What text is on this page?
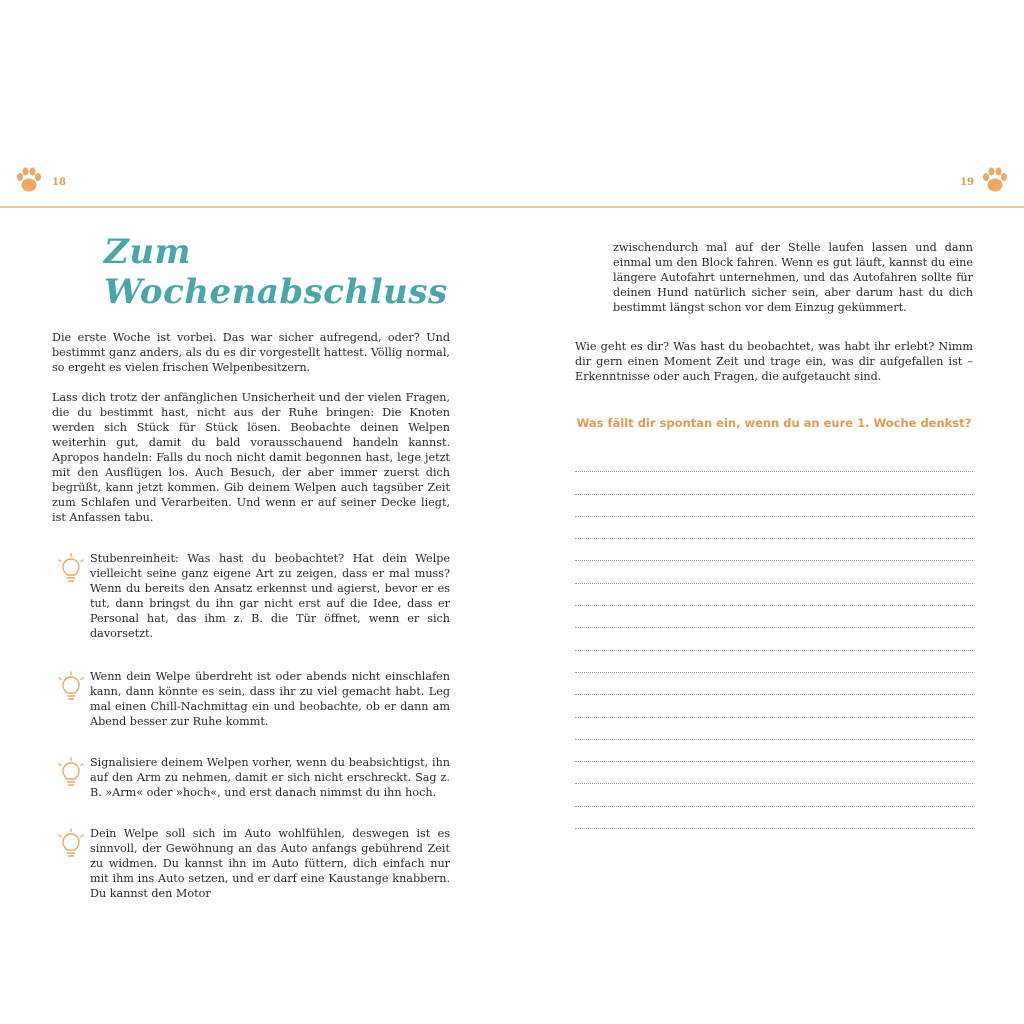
18	19
Zum Wochenabschluss

Die erste Woche ist vorbei. Das war sicher aufregend, oder? Und bestimmt ganz anders, als du es dir vorgestellt hattest. Völlig normal, so ergeht es vielen frischen Welpenbesitzern.

Lass dich trotz der anfänglichen Unsicherheit und der vielen Fragen, die du bestimmt hast, nicht aus der Ruhe bringen: Die Knoten werden sich Stück für Stück lösen. Beobachte deinen Welpen weiterhin gut, damit du bald vorausschauend handeln kannst. Apropos handeln: Falls du noch nicht damit begonnen hast, lege jetzt mit den Ausflügen los. Auch Besuch, der aber immer zuerst dich begrüßt, kann jetzt kommen. Gib deinem Welpen auch tagsüber Zeit zum Schlafen und Verarbeiten. Und wenn er auf seiner Decke liegt, ist Anfassen tabu.

Stubenreinheit: Was hast du beobachtet? Hat dein Welpe vielleicht seine ganz eigene Art zu zeigen, dass er mal muss? Wenn du bereits den Ansatz erkennst und agierst, bevor er es tut, dann bringst du ihn gar nicht erst auf die Idee, dass er Personal hat, das ihm z. B. die Tür öffnet, wenn er sich davorsetzt.

Wenn dein Welpe überdreht ist oder abends nicht einschlafen kann, dann könnte es sein, dass ihr zu viel gemacht habt. Leg mal einen Chill-Nachmittag ein und beobachte, ob er dann am Abend besser zur Ruhe kommt.

Signalisiere deinem Welpen vorher, wenn du beabsichtigst, ihn auf den Arm zu nehmen, damit er sich nicht erschreckt. Sag z. B. »Arm« oder »hoch«, und erst danach nimmst du ihn hoch.

Dein Welpe soll sich im Auto wohlfühlen, deswegen ist es sinnvoll, der Gewöhnung an das Auto anfangs gebührend Zeit zu widmen. Du kannst ihn im Auto füttern, dich einfach nur mit ihm ins Auto setzen, und er darf eine Kaustange knabbern. Du kannst den Motor

zwischendurch mal auf der Stelle laufen lassen und dann einmal um den Block fahren. Wenn es gut läuft, kannst du eine längere Autofahrt unternehmen, und das Autofahren sollte für deinen Hund natürlich sicher sein, aber darum hast du dich bestimmt längst schon vor dem Einzug gekümmert.

Wie geht es dir? Was hast du beobachtet, was habt ihr erlebt? Nimm dir gern einen Moment Zeit und trage ein, was dir aufgefallen ist – Erkenntnisse oder auch Fragen, die aufgetaucht sind.

Was fällt dir spontan ein, wenn du an eure 1. Woche denkst?
